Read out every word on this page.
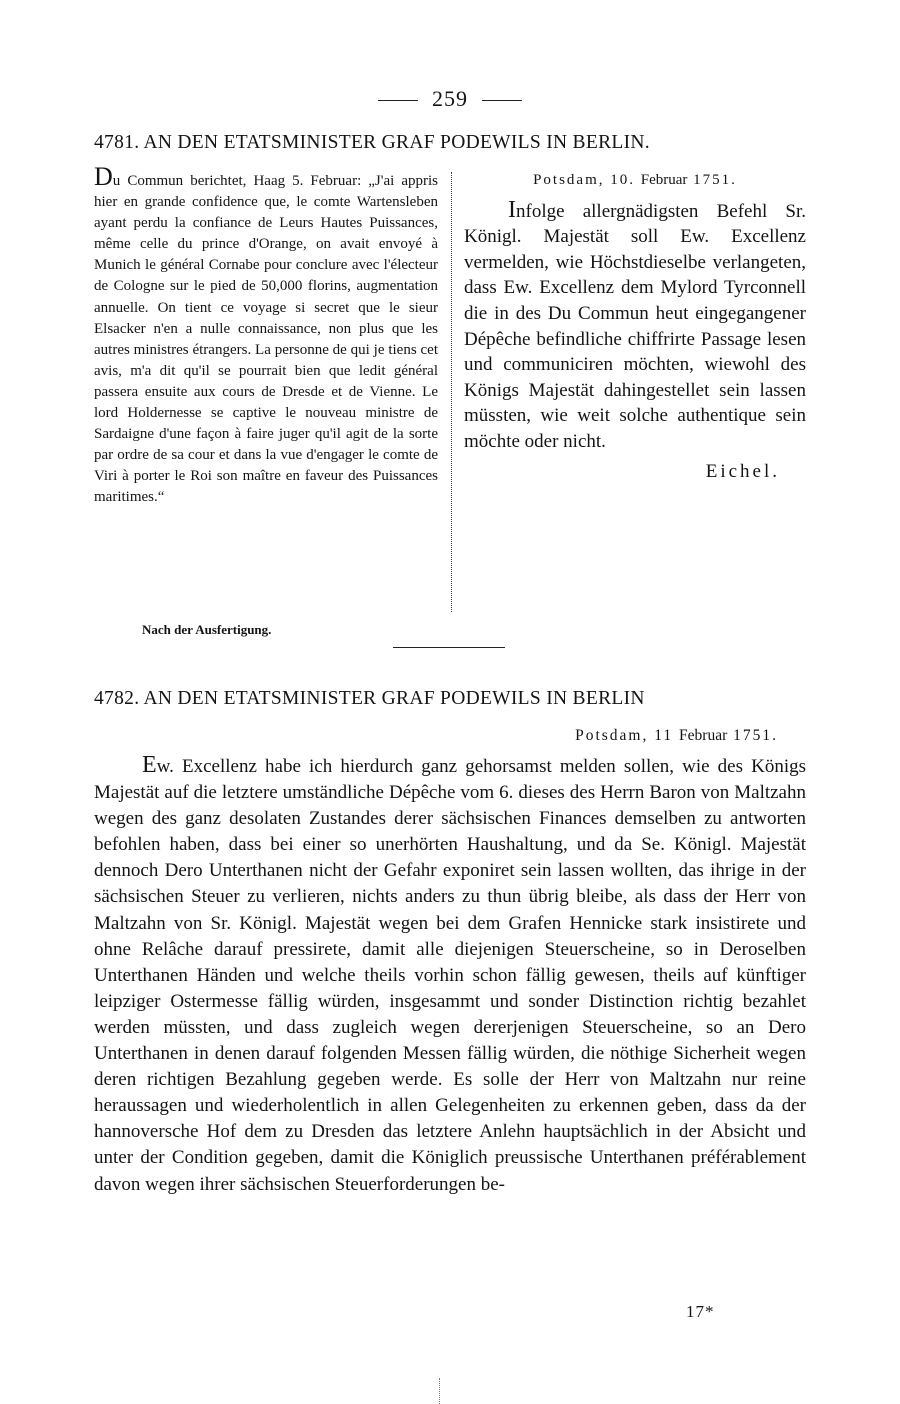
259
4781. AN DEN ETATSMINISTER GRAF PODEWILS IN BERLIN.
Du Commun berichtet, Haag 5. Februar: „J'ai appris hier en grande confidence que, le comte Wartensleben ayant perdu la confiance de Leurs Hautes Puissances, même celle du prince d'Orange, on avait envoyé à Munich le général Cornabe pour conclure avec l'électeur de Cologne sur le pied de 50,000 florins, augmentation annuelle. On tient ce voyage si secret que le sieur Elsacker n'en a nulle connaissance, non plus que les autres ministres étrangers. La personne de qui je tiens cet avis, m'a dit qu'il se pourrait bien que ledit général passera ensuite aux cours de Dresde et de Vienne. Le lord Holdernesse se captive le nouveau ministre de Sardaigne d'une façon à faire juger qu'il agit de la sorte par ordre de sa cour et dans la vue d'engager le comte de Viri à porter le Roi son maître en faveur des Puissances maritimes.“
Potsdam, 10. Februar 1751.
Infolge allergnädigsten Befehl Sr. Königl. Majestät soll Ew. Excellenz vermelden, wie Höchstdieselbe verlangeten, dass Ew. Excellenz dem Mylord Tyrconnell die in des Du Commun heut eingegangener Dépêche befindliche chiffrirte Passage lesen und communiciren möchten, wiewohl des Königs Majestät dahingestellet sein lassen müssten, wie weit solche authentique sein möchte oder nicht.
Eichel.
Nach der Ausfertigung.
4782. AN DEN ETATSMINISTER GRAF PODEWILS IN BERLIN
Potsdam, 11 Februar 1751.
Ew. Excellenz habe ich hierdurch ganz gehorsamst melden sollen, wie des Königs Majestät auf die letztere umständliche Dépêche vom 6. dieses des Herrn Baron von Maltzahn wegen des ganz desolaten Zustandes derer sächsischen Finances demselben zu antworten befohlen haben, dass bei einer so unerhörten Haushaltung, und da Se. Königl. Majestät dennoch Dero Unterthanen nicht der Gefahr exponiret sein lassen wollten, das ihrige in der sächsischen Steuer zu verlieren, nichts anders zu thun übrig bleibe, als dass der Herr von Maltzahn von Sr. Königl. Majestät wegen bei dem Grafen Hennicke stark insistirete und ohne Relâche darauf pressirete, damit alle diejenigen Steuerscheine, so in Deroselben Unterthanen Händen und welche theils vorhin schon fällig gewesen, theils auf künftiger leipziger Ostermesse fällig würden, insgesammt und sonder Distinction richtig bezahlet werden müssten, und dass zugleich wegen dererjenigen Steuerscheine, so an Dero Unterthanen in denen darauf folgenden Messen fällig würden, die nöthige Sicherheit wegen deren richtigen Bezahlung gegeben werde. Es solle der Herr von Maltzahn nur reine heraussagen und wiederholentlich in allen Gelegenheiten zu erkennen geben, dass da der hannoversche Hof dem zu Dresden das letztere Anlehn hauptsächlich in der Absicht und unter der Condition gegeben, damit die Königlich preussische Unterthanen préférablement davon wegen ihrer sächsischen Steuerforderungen be-
17*
